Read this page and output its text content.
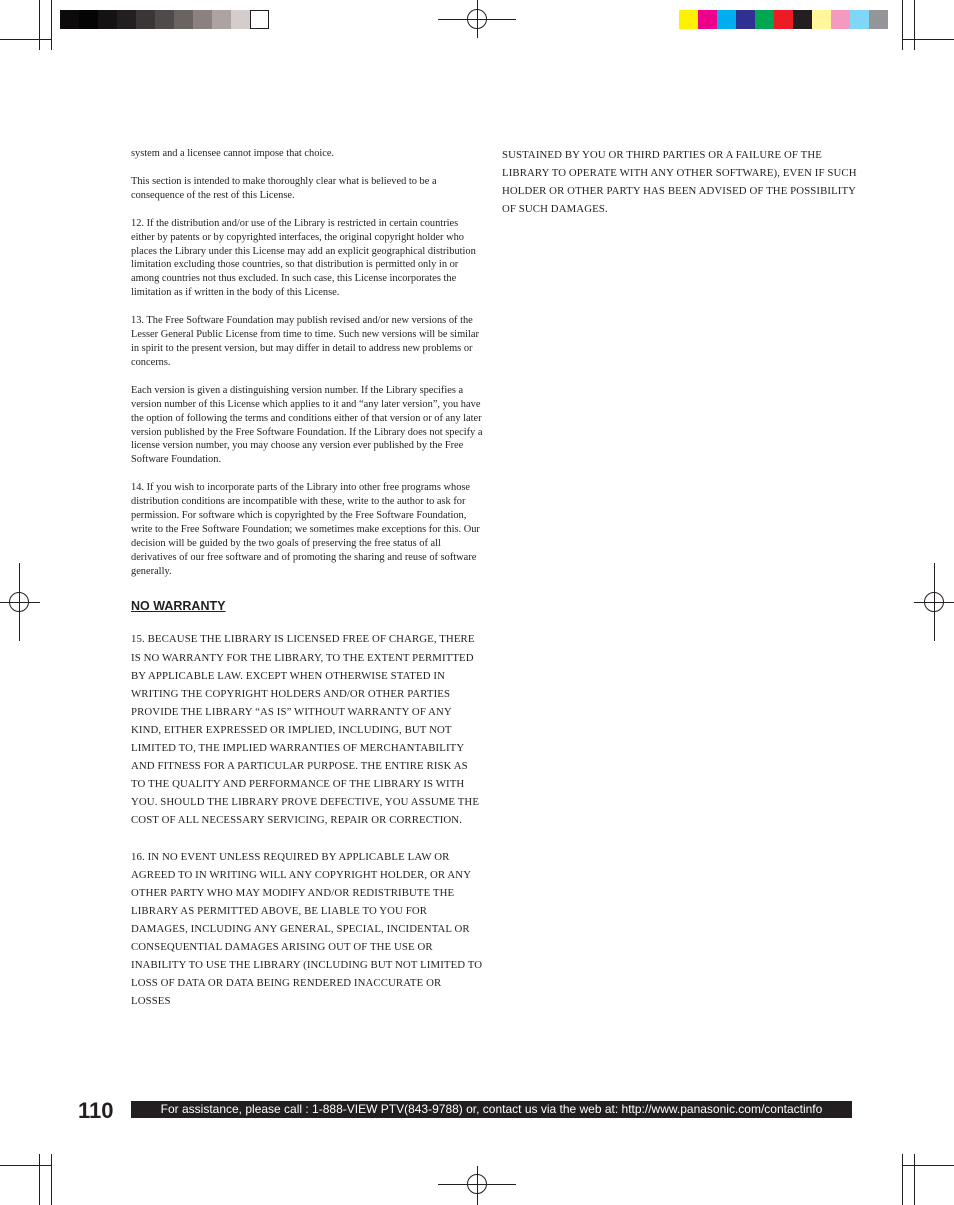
system and a licensee cannot impose that choice.

This section is intended to make thoroughly clear what is believed to be a consequence of the rest of this License.

12. If the distribution and/or use of the Library is restricted in certain countries either by patents or by copyrighted interfaces, the original copyright holder who places the Library under this License may add an explicit geographical distribution limitation excluding those countries, so that distribution is permitted only in or among countries not thus excluded. In such case, this License incorporates the limitation as if written in the body of this License.

13. The Free Software Foundation may publish revised and/or new versions of the Lesser General Public License from time to time. Such new versions will be similar in spirit to the present version, but may differ in detail to address new problems or concerns.

Each version is given a distinguishing version number. If the Library specifies a version number of this License which applies to it and “any later version”, you have the option of following the terms and conditions either of that version or of any later version published by the Free Software Foundation. If the Library does not specify a license version number, you may choose any version ever published by the Free Software Foundation.

14. If you wish to incorporate parts of the Library into other free programs whose distribution conditions are incompatible with these, write to the author to ask for permission. For software which is copyrighted by the Free Software Foundation, write to the Free Software Foundation; we sometimes make exceptions for this. Our decision will be guided by the two goals of preserving the free status of all derivatives of our free software and of promoting the sharing and reuse of software generally.

NO WARRANTY

15. BECAUSE THE LIBRARY IS LICENSED FREE OF CHARGE, THERE IS NO WARRANTY FOR THE LIBRARY, TO THE EXTENT PERMITTED BY APPLICABLE LAW. EXCEPT WHEN OTHERWISE STATED IN WRITING THE COPYRIGHT HOLDERS AND/OR OTHER PARTIES PROVIDE THE LIBRARY “AS IS” WITHOUT WARRANTY OF ANY KIND, EITHER EXPRESSED OR IMPLIED, INCLUDING, BUT NOT LIMITED TO, THE IMPLIED WARRANTIES OF MERCHANTABILITY AND FITNESS FOR A PARTICULAR PURPOSE. THE ENTIRE RISK AS TO THE QUALITY AND PERFORMANCE OF THE LIBRARY IS WITH YOU. SHOULD THE LIBRARY PROVE DEFECTIVE, YOU ASSUME THE COST OF ALL NECESSARY SERVICING, REPAIR OR CORRECTION.

16. IN NO EVENT UNLESS REQUIRED BY APPLICABLE LAW OR AGREED TO IN WRITING WILL ANY COPYRIGHT HOLDER, OR ANY OTHER PARTY WHO MAY MODIFY AND/OR REDISTRIBUTE THE LIBRARY AS PERMITTED ABOVE, BE LIABLE TO YOU FOR DAMAGES, INCLUDING ANY GENERAL, SPECIAL, INCIDENTAL OR CONSEQUENTIAL DAMAGES ARISING OUT OF THE USE OR INABILITY TO USE THE LIBRARY (INCLUDING BUT NOT LIMITED TO LOSS OF DATA OR DATA BEING RENDERED INACCURATE OR LOSSES

SUSTAINED BY YOU OR THIRD PARTIES OR A FAILURE OF THE LIBRARY TO OPERATE WITH ANY OTHER SOFTWARE), EVEN IF SUCH HOLDER OR OTHER PARTY HAS BEEN ADVISED OF THE POSSIBILITY OF SUCH DAMAGES.

110	For assistance, please call : 1-888-VIEW PTV(843-9788) or, contact us via the web at: http://www.panasonic.com/contactinfo
